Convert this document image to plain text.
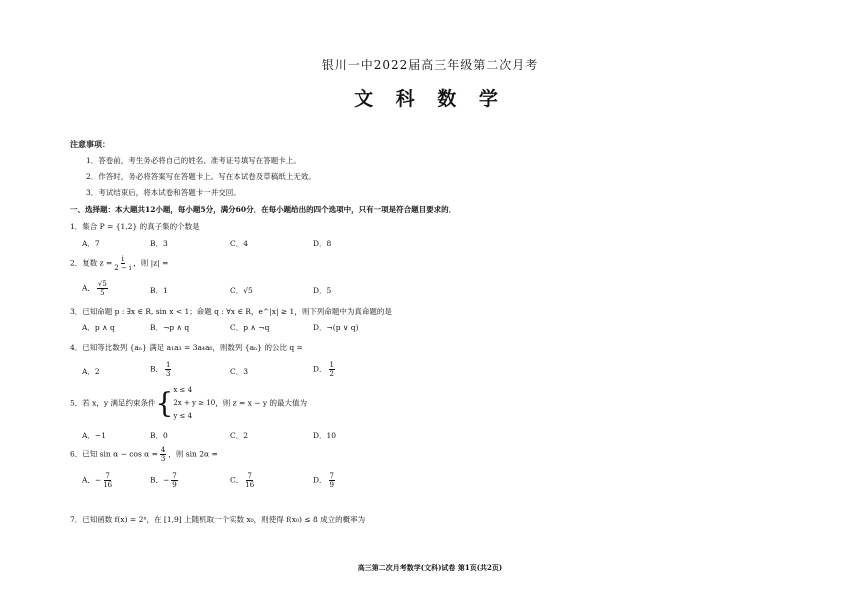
银川一中2022届高三年级第二次月考
文 科 数 学
注意事项：
1．答卷前，考生务必将自己的姓名、准考证号填写在答题卡上。
2．作答时，务必将答案写在答题卡上。写在本试卷及草稿纸上无效。
3．考试结束后，将本试卷和答题卡一并交回。
一、选择题：本大题共12小题，每小题5分，满分60分．在每小题给出的四个选项中，只有一项是符合题目要求的．
1．集合 P = {1,2} 的真子集的个数是
A．7	B．3	C．4	D．8
2．复数 $z = \frac{i}{2 - i}$ ，则 |z| =
A． $\frac{√5}{5}$	B．1	C．√5	D．5
3．已知命题 p : ∃x ∈ R, sin x < 1；命题 q : ∀x ∈ R，e^|x| ≥ 1，则下列命题中为真命题的是
A．p ∧ q	B．¬p ∧ q	C．p ∧ ¬q	D．¬(p ∨ q)
4．已知等比数列 {aₙ} 满足 a₁a₃ = 3a₄a₆，则数列 {aₙ} 的公比 q =
A．2	B． $\frac{1}{3}$	C．3	D． $\frac{1}{2}$
5．若 x，y 满足约束条件{x ≤ 4
2x + y ≥ 10
y ≤ 4，则 z = x − y 的最大值为
A．−1	B．0	C．2	D．10
6．已知 $\sin \alpha - \cos \alpha = \frac{4}{3}$ ，则 sin 2α =
A．− $\frac{7}{16}$	B．− $\frac{7}{9}$	C． $\frac{7}{16}$	D． $\frac{7}{9}$
7．已知函数 f(x) = 2ˣ，在 [1,9] 上随机取一个实数 x₀，则使得 f(x₀) ≤ 8 成立的概率为
高三第二次月考数学(文科)试卷 第1页(共2页)
